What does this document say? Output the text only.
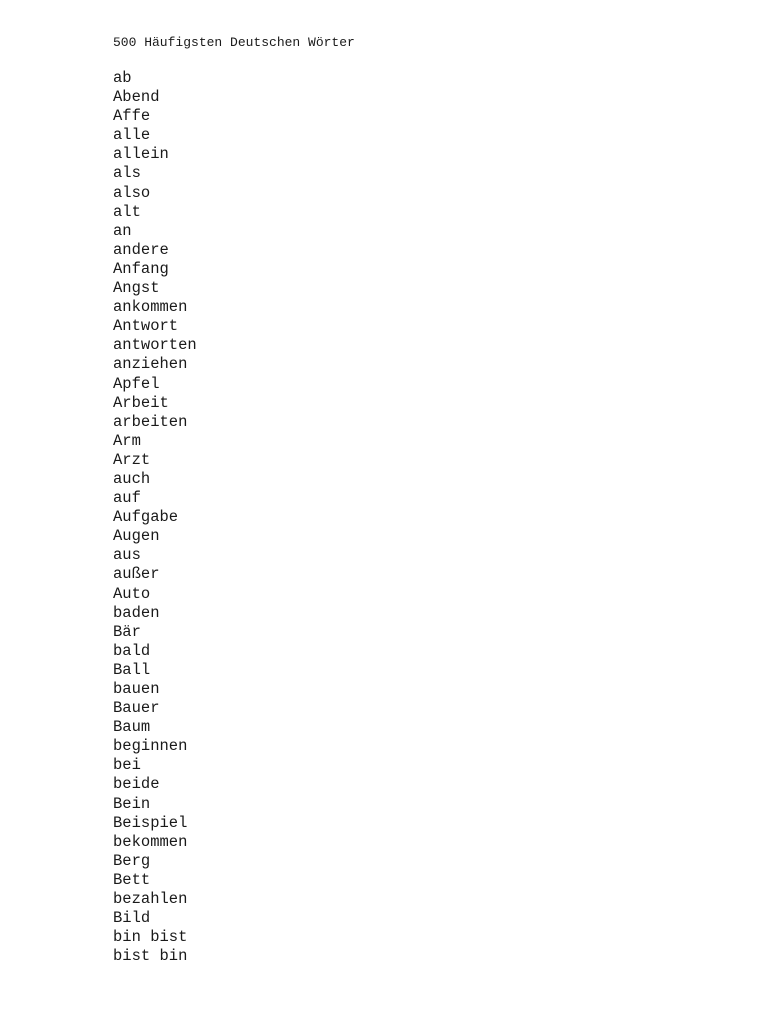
500 Häufigsten Deutschen Wörter
ab
Abend
Affe
alle
allein
als
also
alt
an
andere
Anfang
Angst
ankommen
Antwort
antworten
anziehen
Apfel
Arbeit
arbeiten
Arm
Arzt
auch
auf
Aufgabe
Augen
aus
außer
Auto
baden
Bär
bald
Ball
bauen
Bauer
Baum
beginnen
bei
beide
Bein
Beispiel
bekommen
Berg
Bett
bezahlen
Bild
bin bist
bist bin
